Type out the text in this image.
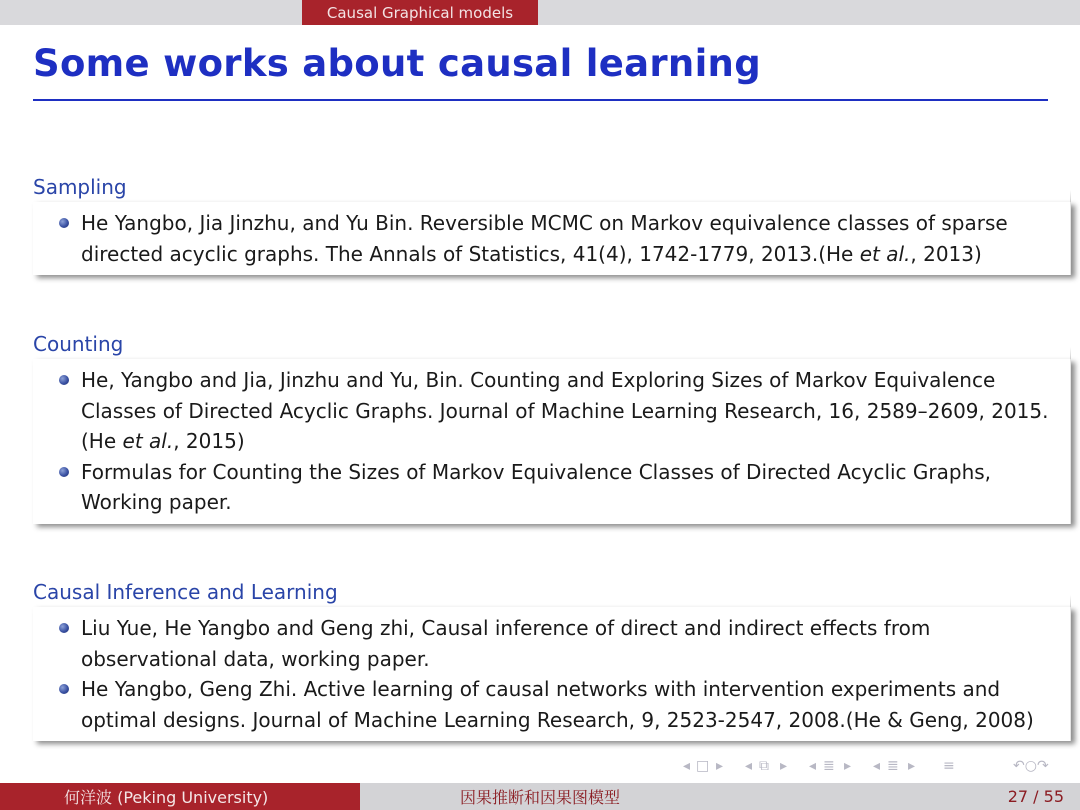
Causal Graphical models
Some works about causal learning
Sampling
He Yangbo, Jia Jinzhu, and Yu Bin. Reversible MCMC on Markov equivalence classes of sparse directed acyclic graphs. The Annals of Statistics, 41(4), 1742-1779, 2013.(He et al., 2013)
Counting
He, Yangbo and Jia, Jinzhu and Yu, Bin. Counting and Exploring Sizes of Markov Equivalence Classes of Directed Acyclic Graphs. Journal of Machine Learning Research, 16, 2589–2609, 2015.(He et al., 2015)
Formulas for Counting the Sizes of Markov Equivalence Classes of Directed Acyclic Graphs, Working paper.
Causal Inference and Learning
Liu Yue, He Yangbo and Geng zhi, Causal inference of direct and indirect effects from observational data, working paper.
He Yangbo, Geng Zhi. Active learning of causal networks with intervention experiments and optimal designs. Journal of Machine Learning Research, 9, 2523-2547, 2008.(He & Geng, 2008)
◂ □ ▸ ◂ ⧉ ▸ ◂ ≣ ▸ ◂ ≣ ▸ ≡	↶○↷
何洋波 (Peking University)	因果推断和因果图模型	27 / 55
